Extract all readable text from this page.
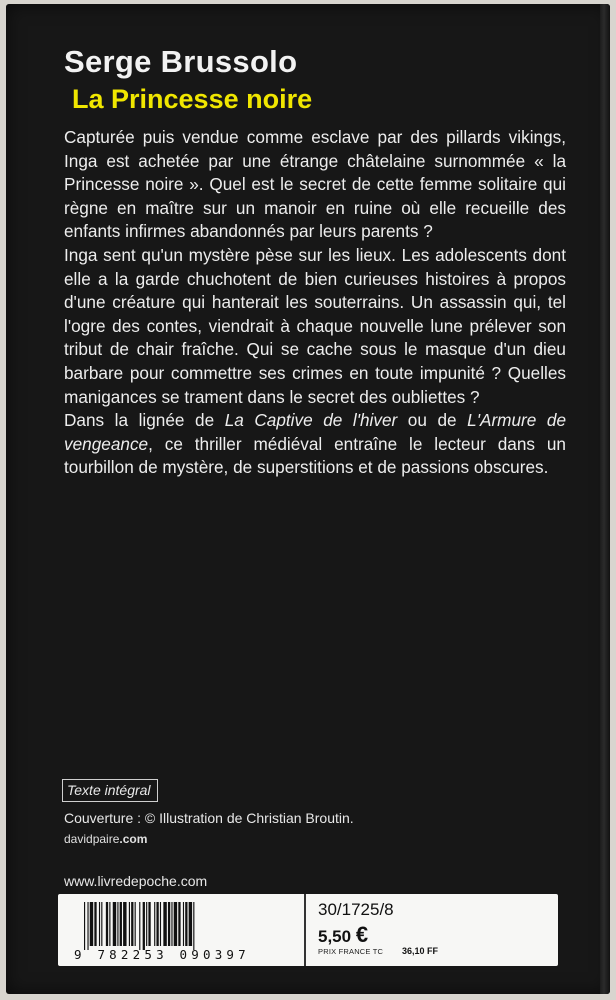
Serge Brussolo
La Princesse noire

Capturée puis vendue comme esclave par des pillards vikings, Inga est achetée par une étrange châtelaine surnommée « la Princesse noire ». Quel est le secret de cette femme solitaire qui règne en maître sur un manoir en ruine où elle recueille des enfants infirmes abandonnés par leurs parents ?

Inga sent qu'un mystère pèse sur les lieux. Les adolescents dont elle a la garde chuchotent de bien curieuses histoires à propos d'une créature qui hanterait les souterrains. Un assassin qui, tel l'ogre des contes, viendrait à chaque nouvelle lune prélever son tribut de chair fraîche. Qui se cache sous le masque d'un dieu barbare pour commettre ses crimes en toute impunité ? Quelles manigances se trament dans le secret des oubliettes ?

Dans la lignée de La Captive de l'hiver ou de L'Armure de vengeance, ce thriller médiéval entraîne le lecteur dans un tourbillon de mystère, de superstitions et de passions obscures.

Texte intégral
Couverture : © Illustration de Christian Broutin.
davidpaire.com
www.livredepoche.com
9 782253 090397
30/1725/8
5,50 €
PRIX FRANCE TC 36,10 FF
